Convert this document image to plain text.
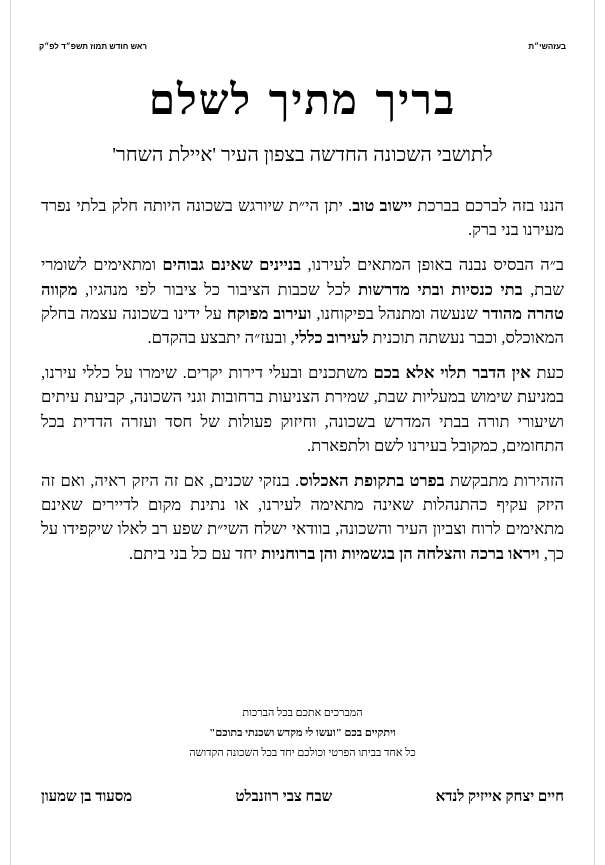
בעזהשי״ת
ראש חודש תמוז תשפ״ד לפ״ק
בריך מתיך לשלם
לתושבי השכונה החדשה בצפון העיר 'איילת השחר'

הננו בזה לברכם בברכת יישוב טוב. יתן הי״ת שיורגש בשכונה היותה חלק בלתי נפרד מעירנו בני ברק.

ב״ה הבסיס נבנה באופן המתאים לעירנו, בניינים שאינם גבוהים ומתאימים לשומרי שבת, בתי כנסיות ובתי מדרשות לכל שכבות הציבור כל ציבור לפי מנהגיו, מקווה טהרה מהודר שנעשה ומתנהל בפיקוחנו, ועירוב מפוקח על ידינו בשכונה עצמה בחלק המאוכלס, וכבר נעשתה תוכנית לעירוב כללי, ובעז״ה יתבצע בהקדם.

כעת אין הדבר תלוי אלא בכם משתכנים ובעלי דירות יקרים. שימרו על כללי עירנו, במניעת שימוש במעליות שבת, שמירת הצניעות ברחובות וגני השכונה, קביעת עיתים ושיעורי תורה בבתי המדרש בשכונה, וחיזוק פעולות של חסד ועזרה הדדית בכל התחומים, כמקובל בעירנו לשם ולתפארת.

הזהירות מתבקשת בפרט בתקופת האכלוס. בנזקי שכנים, אם זה היזק ראיה, ואם זה היזק עקיף כהתנהלות שאינה מתאימה לעירנו, או נתינת מקום לדיירים שאינם מתאימים לרוח וצביון העיר והשכונה, בוודאי ישלח השי״ת שפע רב לאלו שיקפידו על כך, ויראו ברכה והצלחה הן בגשמיות והן ברוחניות יחד עם כל בני ביתם.

המברכים אתכם בכל הברכות
ויתקיים בכם "ועשו לי מקדש ושכנתי בתוכם"
כל אחד בביתו הפרטי וכולכם יחד בכל השכונה הקדושה
חיים יצחק אייזיק לנדא
שבח צבי רוזנבלט
מסעוד בן שמעון
